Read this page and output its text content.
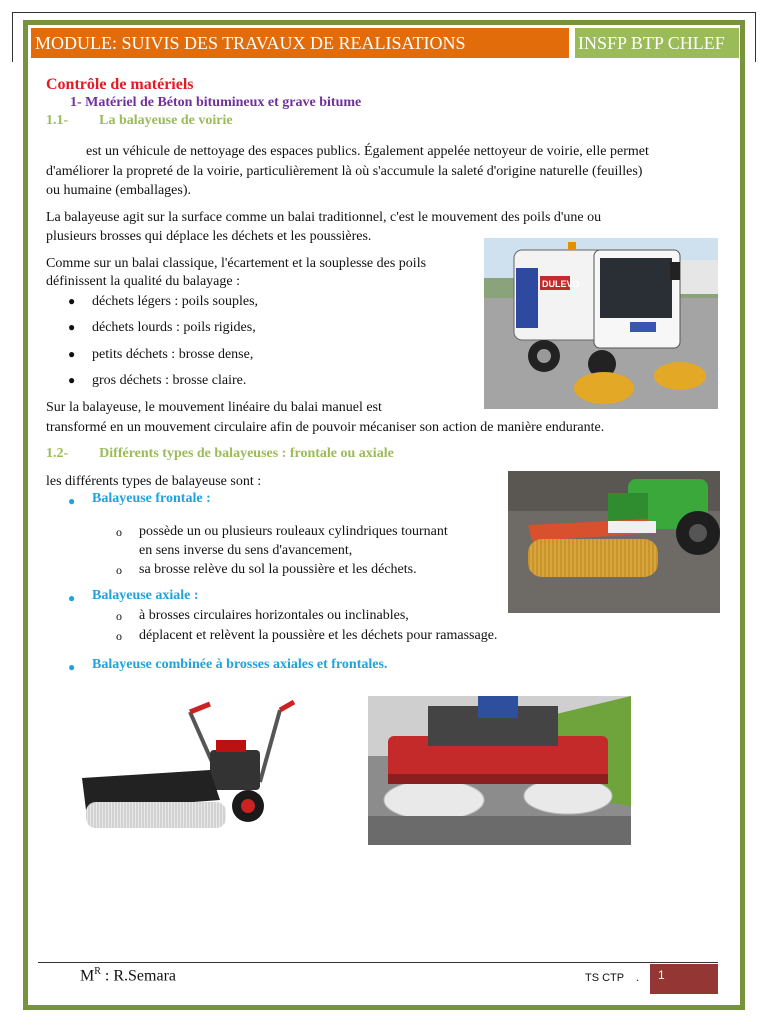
MODULE: SUIVIS DES TRAVAUX DE REALISATIONS	INSFP BTP CHLEF
Contrôle de matériels
1- Matériel de Béton bitumineux et grave bitume
1.1- La balayeuse de voirie
est un véhicule de nettoyage des espaces publics. Également appelée nettoyeur de voirie, elle permet
d'améliorer la propreté de la voirie, particulièrement là où s'accumule la saleté d'origine naturelle (feuilles)
ou humaine (emballages).
La balayeuse agit sur la surface comme un balai traditionnel, c'est le mouvement des poils d'une ou
plusieurs brosses qui déplace les déchets et les poussières.
Comme sur un balai classique, l'écartement et la souplesse des poils
définissent la qualité du balayage :
● déchets légers : poils souples,
● déchets lourds : poils rigides,
● petits déchets : brosse dense,
● gros déchets : brosse claire.
Sur la balayeuse, le mouvement linéaire du balai manuel est
transformé en un mouvement circulaire afin de pouvoir mécaniser son action de manière endurante.
1.2- Différents types de balayeuses : frontale ou axiale
les différents types de balayeuse sont :
● Balayeuse frontale :
o possède un ou plusieurs rouleaux cylindriques tournant
en sens inverse du sens d'avancement,
o sa brosse relève du sol la poussière et les déchets.
● Balayeuse axiale :
o à brosses circulaires horizontales ou inclinables,
o déplacent et relèvent la poussière et les déchets pour ramassage.
● Balayeuse combinée à brosses axiales et frontales.
DULEVO
$M^R$ : R.Semara	TS CTP .	1
